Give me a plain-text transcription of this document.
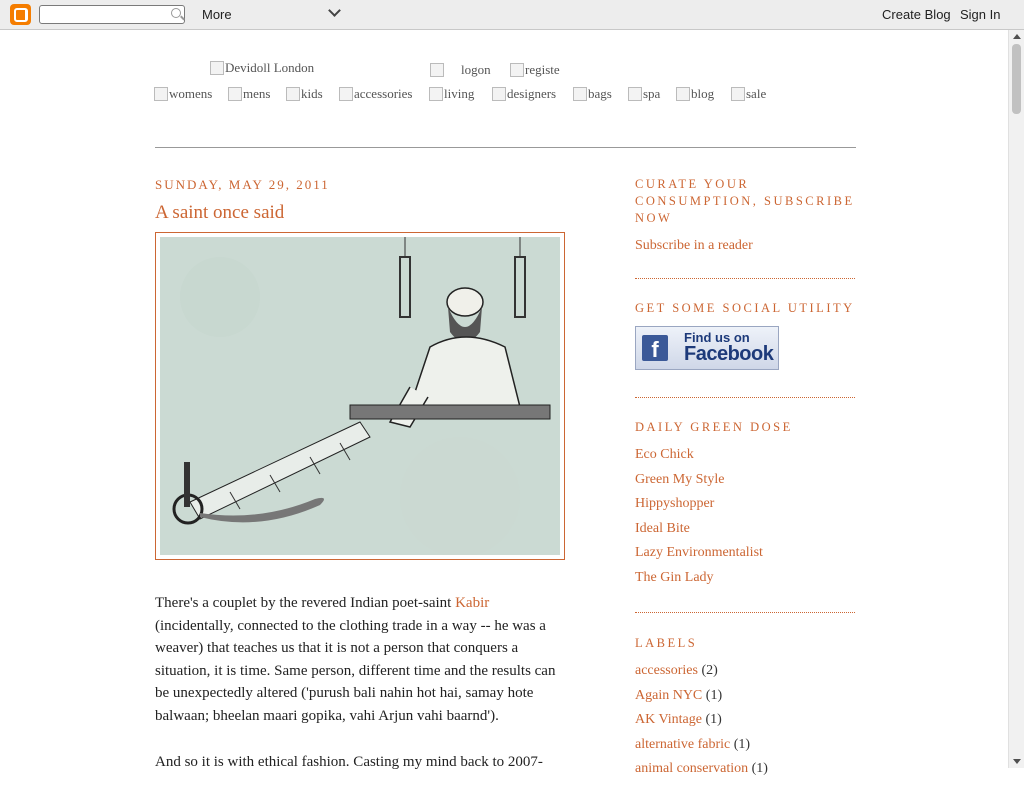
More	Create Blog Sign In
Devidoll London	logon	registe
womens mens kids accessories living	designers bags spa blog sale
SUNDAY, MAY 29, 2011
A saint once said

There's a couplet by the revered Indian poet-saint Kabir (incidentally, connected to the clothing trade in a way -- he was a weaver) that teaches us that it is not a person that conquers a situation, it is time. Same person, different time and the results can be unexpectedly altered ('purush bali nahin hot hai, samay hote balwaan; bheelan maari gopika, vahi Arjun vahi baarnd').

And so it is with ethical fashion. Casting my mind back to 2007-

CURATE YOUR CONSUMPTION, SUBSCRIBE NOW
Subscribe in a reader
GET SOME SOCIAL UTILITY
f	Find us on
Facebook
DAILY GREEN DOSE
Eco Chick
Green My Style
Hippyshopper
Ideal Bite
Lazy Environmentalist
The Gin Lady
LABELS
accessories (2)
Again NYC (1)
AK Vintage (1)
alternative fabric (1)
animal conservation (1)
